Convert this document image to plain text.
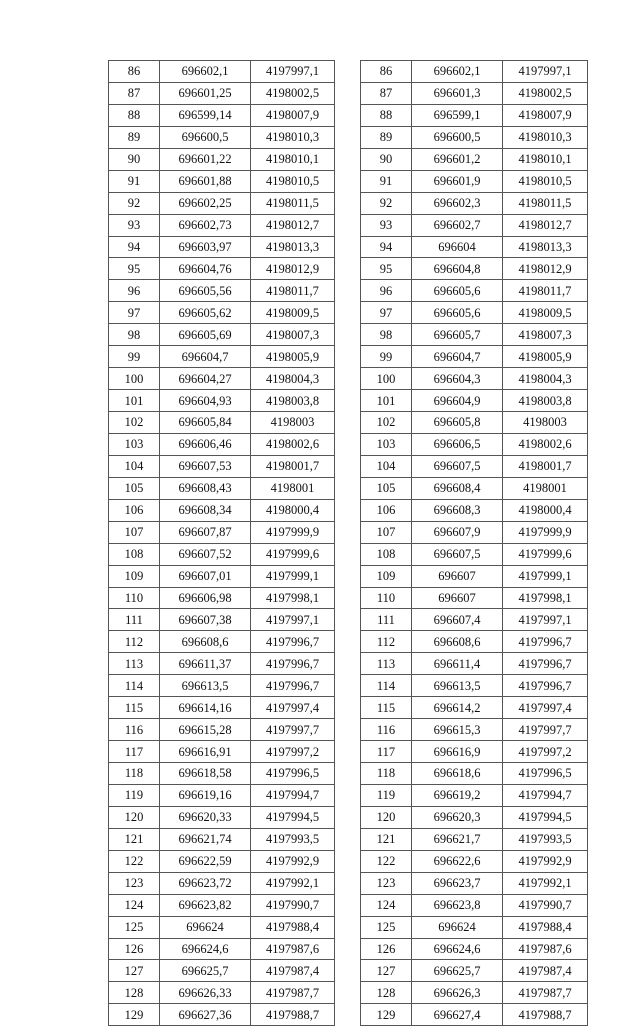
86	696602,1	4197997,1
87	696601,25	4198002,5
88	696599,14	4198007,9
89	696600,5	4198010,3
90	696601,22	4198010,1
91	696601,88	4198010,5
92	696602,25	4198011,5
93	696602,73	4198012,7
94	696603,97	4198013,3
95	696604,76	4198012,9
96	696605,56	4198011,7
97	696605,62	4198009,5
98	696605,69	4198007,3
99	696604,7	4198005,9
100	696604,27	4198004,3
101	696604,93	4198003,8
102	696605,84	4198003
103	696606,46	4198002,6
104	696607,53	4198001,7
105	696608,43	4198001
106	696608,34	4198000,4
107	696607,87	4197999,9
108	696607,52	4197999,6
109	696607,01	4197999,1
110	696606,98	4197998,1
111	696607,38	4197997,1
112	696608,6	4197996,7
113	696611,37	4197996,7
114	696613,5	4197996,7
115	696614,16	4197997,4
116	696615,28	4197997,7
117	696616,91	4197997,2
118	696618,58	4197996,5
119	696619,16	4197994,7
120	696620,33	4197994,5
121	696621,74	4197993,5
122	696622,59	4197992,9
123	696623,72	4197992,1
124	696623,82	4197990,7
125	696624	4197988,4
126	696624,6	4197987,6
127	696625,7	4197987,4
128	696626,33	4197987,7
129	696627,36	4197988,7
86	696602,1	4197997,1
87	696601,3	4198002,5
88	696599,1	4198007,9
89	696600,5	4198010,3
90	696601,2	4198010,1
91	696601,9	4198010,5
92	696602,3	4198011,5
93	696602,7	4198012,7
94	696604	4198013,3
95	696604,8	4198012,9
96	696605,6	4198011,7
97	696605,6	4198009,5
98	696605,7	4198007,3
99	696604,7	4198005,9
100	696604,3	4198004,3
101	696604,9	4198003,8
102	696605,8	4198003
103	696606,5	4198002,6
104	696607,5	4198001,7
105	696608,4	4198001
106	696608,3	4198000,4
107	696607,9	4197999,9
108	696607,5	4197999,6
109	696607	4197999,1
110	696607	4197998,1
111	696607,4	4197997,1
112	696608,6	4197996,7
113	696611,4	4197996,7
114	696613,5	4197996,7
115	696614,2	4197997,4
116	696615,3	4197997,7
117	696616,9	4197997,2
118	696618,6	4197996,5
119	696619,2	4197994,7
120	696620,3	4197994,5
121	696621,7	4197993,5
122	696622,6	4197992,9
123	696623,7	4197992,1
124	696623,8	4197990,7
125	696624	4197988,4
126	696624,6	4197987,6
127	696625,7	4197987,4
128	696626,3	4197987,7
129	696627,4	4197988,7
